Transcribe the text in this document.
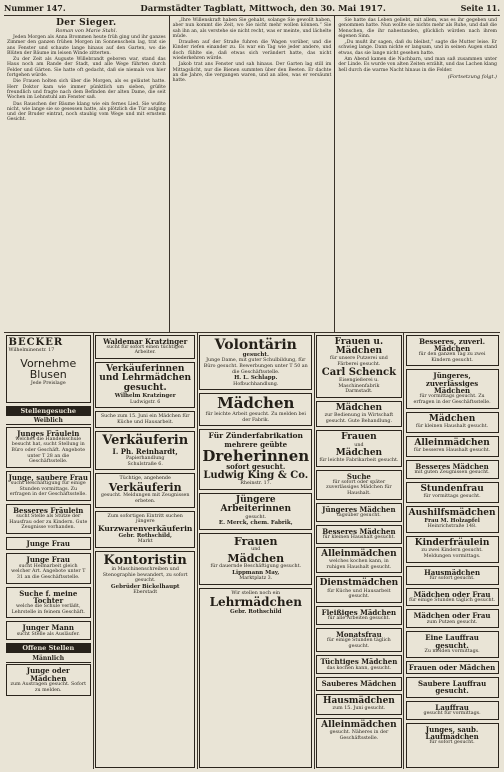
Nummer 147.	Darmstädter Tagblatt, Mittwoch, den 30. Mai 1917.	Seite 11.
Der Sieger.
Roman von Marie Stahl.

Jeden Morgen als Anna Brommen heute früh ging und ihr ganzes Zimmer den ganzen frühen Morgen im Sonnenschein lag, trat sie ans Fenster und schaute lange hinaus auf den Garten, wo die Blüten der Bäume im leisen Winde zitterten.

Zu der Zeit als Auguste Willebrandt geboren war, stand das Haus noch am Rande der Stadt, und alle Wege führten durch Felder und Gärten. Sie hatte oft gedacht, daß sie niemals von hier fortgehen würde.

Die Frauen holten sich über die Morgen, als es geläutet hatte. Herr Doktor kam wie immer pünktlich um sieben, grüßte freundlich und fragte nach dem Befinden der alten Dame, die seit Wochen im Lehnstuhl am Fenster saß.

Das Rauschen der Bäume klang wie ein fernes Lied. Sie wußte nicht, wie lange sie so gesessen hatte, als plötzlich die Tür aufging und der Bruder eintrat, noch staubig vom Wege und mit ernstem Gesicht.

„Ihre Willenskraft haben Sie gehabt, solange Sie gewollt haben, aber nun kommt die Zeit, wo Sie nicht mehr wollen können.“ Sie sah ihn an, als verstehe sie nicht recht, was er meinte, und lächelte müde.

Draußen auf der Straße fuhren die Wagen vorüber, und die Kinder riefen einander zu. Es war ein Tag wie jeder andere, und doch fühlte sie, daß etwas sich verändert hatte, das nicht wiederkehren würde.

Jakob trat ans Fenster und sah hinaus. Der Garten lag still im Mittagslicht, nur die Bienen summten über den Beeten. Er dachte an die Jahre, die vergangen waren, und an alles, was er versäumt hatte.

Sie hatte das Leben geliebt, mit allem, was es ihr gegeben und genommen hatte. Nun wollte sie nichts mehr als Ruhe, und daß die Menschen, die ihr nahestanden, glücklich würden nach ihrem eigenen Sinn.

„Du mußt ihr sagen, daß du bleibst,“ sagte die Mutter leise. Er schwieg lange. Dann nickte er langsam, und in seinen Augen stand etwas, das sie lange nicht gesehen hatte.

Am Abend kamen die Nachbarn, und man saß zusammen unter der Linde. Es wurde von alten Zeiten erzählt, und das Lachen klang hell durch die warme Nacht hinaus in die Felder.

(Fortsetzung folgt.)
BECKER
Wilhelminenstr. 17
Vornehme Blusen
Jede Preislage
Stellengesuche
Weiblich
Junges Fräulein
welches die Handelsschule besucht hat, sucht Stellung in Büro oder Geschäft. Angebote unter T 28 an die Geschäftsstelle.
Junge, saubere Frau
sucht Beschäftigung für einige Stunden vormittags. Zu erfragen in der Geschäftsstelle.
Besseres Fräulein
sucht Stelle als Stütze der Hausfrau oder zu Kindern. Gute Zeugnisse vorhanden.
Junge Frau
Junge Frau
sucht Heimarbeit gleich welcher Art. Angebote unter T 31 an die Geschäftsstelle.
Suche f. meine Tochter
welche die Schule verläßt, Lehrstelle in feinem Geschäft.
Junger Mann
sucht Stelle als Ausläufer.
Offene Stellen
Männlich
Junge oder Mädchen
zum Austragen gesucht. Sofort zu melden.
Waldemar Kratzinger
sucht für sofort einen tüchtigen Arbeiter.
Verkäuferinnen und Lehrmädchen gesucht.
Wilhelm Kratzinger
Ludwigstr. 6
Suche zum 15. Juni ein Mädchen für Küche und Hausarbeit.
Verkäuferin
I. Ph. Reinhardt,
Papierhandlung
Schulstraße 6.
Tüchtige, angehende
Verkäuferin
gesucht. Meldungen mit Zeugnissen erbeten.
Zum sofortigen Eintritt suchen jüngere
Kurzwarenverkäuferin
Gebr. Rothschild,
Markt
Kontoristin
in Maschinenschreiben und Stenographie bewandert, zu sofort gesucht.
Gebrüder Bickelhaupt
Eberstadt
Volontärin
gesucht.
Junge Dame, mit guter Schulbildung, für Büro gesucht. Bewerbungen unter T 50 an die Geschäftsstelle.
H. L. Schlapp.
Hofbuchhandlung.
Mädchen
für leichte Arbeit gesucht. Zu melden bei der Fabrik.
Für Zünderfabrikation
mehrere geübte
Dreherinnen
sofort gesucht.
Ludwig King & Co.
Rheinstr. 17.
Jüngere Arbeiterinnen
gesucht.
E. Merck, chem. Fabrik,
Frauen
und
Mädchen
für dauernde Beschäftigung gesucht.
Lippmann May,
Marktplatz 3.
Wir stellen noch ein
Lehrmädchen
Gebr. Rothschild
Frauen u. Mädchen
für unsere Putzerei und Färberei gesucht.
Carl Schenck
Eisengießerei u. Maschinenfabrik
Darmstadt.
Mädchen
zur Bedienung in Wirtschaft gesucht. Gute Behandlung.
Frauen
und
Mädchen
für leichte Fabrikarbeit gesucht.
Suche
für sofort oder später zuverlässiges Mädchen für Haushalt.
Jüngeres Mädchen
tagsüber gesucht.
Besseres Mädchen
für kleinen Haushalt gesucht.
Alleinmädchen
welches kochen kann, in ruhigen Haushalt gesucht.
Dienstmädchen
für Küche und Hausarbeit gesucht.
Fleißiges Mädchen
für alle Arbeiten gesucht.
Monatsfrau
für einige Stunden täglich gesucht.
Tüchtiges Mädchen
das kochen kann, gesucht.
Sauberes Mädchen
Hausmädchen
zum 15. Juni gesucht.
Alleinmädchen
gesucht. Näheres in der Geschäftsstelle.
Besseres, zuverl. Mädchen
für den ganzen Tag zu zwei Kindern gesucht.
Jüngeres, zuverlässiges Mädchen
für vormittags gesucht. Zu erfragen in der Geschäftsstelle.
Mädchen
für kleinen Haushalt gesucht.
Alleinmädchen
für besseren Haushalt gesucht.
Besseres Mädchen
mit guten Zeugnissen gesucht.
Stundenfrau
für vormittags gesucht.
Aushilfsmädchen
Frau M. Holzapfel
Heinrichstraße 148.
Kinderfräulein
zu zwei Kindern gesucht. Meldungen vormittags.
Hausmädchen
für sofort gesucht.
Mädchen oder Frau
für einige Stunden täglich gesucht.
Mädchen oder Frau
zum Putzen gesucht.
Eine Lauffrau gesucht.
Zu melden vormittags.
Frauen oder Mädchen
Saubere Lauffrau gesucht.
Lauffrau
gesucht für vormittags.
Junges, saub. Laufmädchen
für sofort gesucht.
